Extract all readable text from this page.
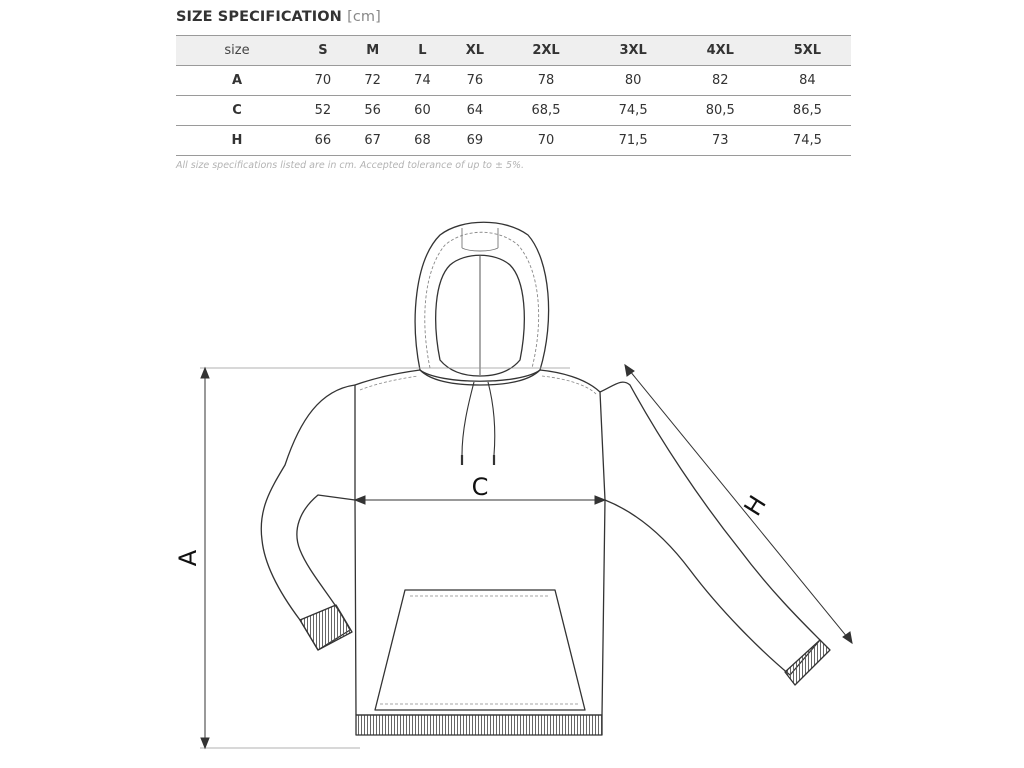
SIZE SPECIFICATION [cm]
size	S	M	L	XL	2XL	3XL	4XL	5XL
A	70	72	74	76	78	80	82	84
C	52	56	60	64	68,5	74,5	80,5	86,5
H	66	67	68	69	70	71,5	73	74,5
All size specifications listed are in cm. Accepted tolerance of up to ± 5%.
A
C
H
